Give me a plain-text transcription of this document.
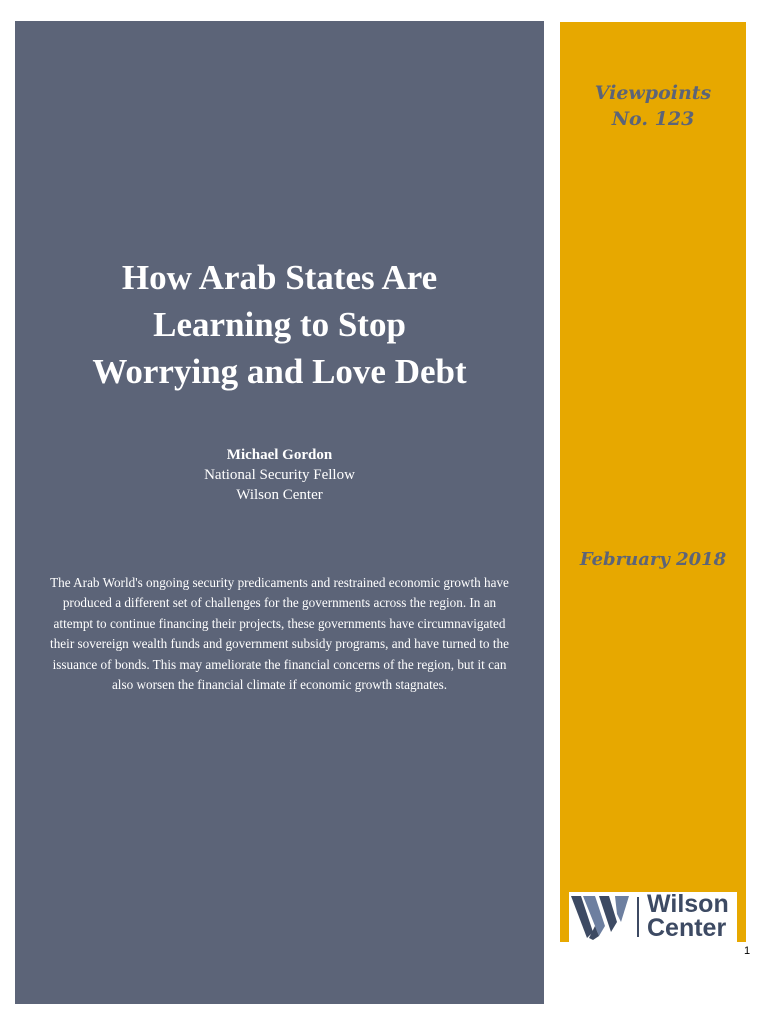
Viewpoints
No. 123
February 2018
How Arab States Are
Learning to Stop
Worrying and Love Debt
Michael Gordon
National Security Fellow
Wilson Center

The Arab World's ongoing security predicaments and restrained economic growth have produced a different set of challenges for the governments across the region. In an attempt to continue financing their projects, these governments have circumnavigated their sovereign wealth funds and government subsidy programs, and have turned to the issuance of bonds. This may ameliorate the financial concerns of the region, but it can also worsen the financial climate if economic growth stagnates.

Wilson
Center
1
